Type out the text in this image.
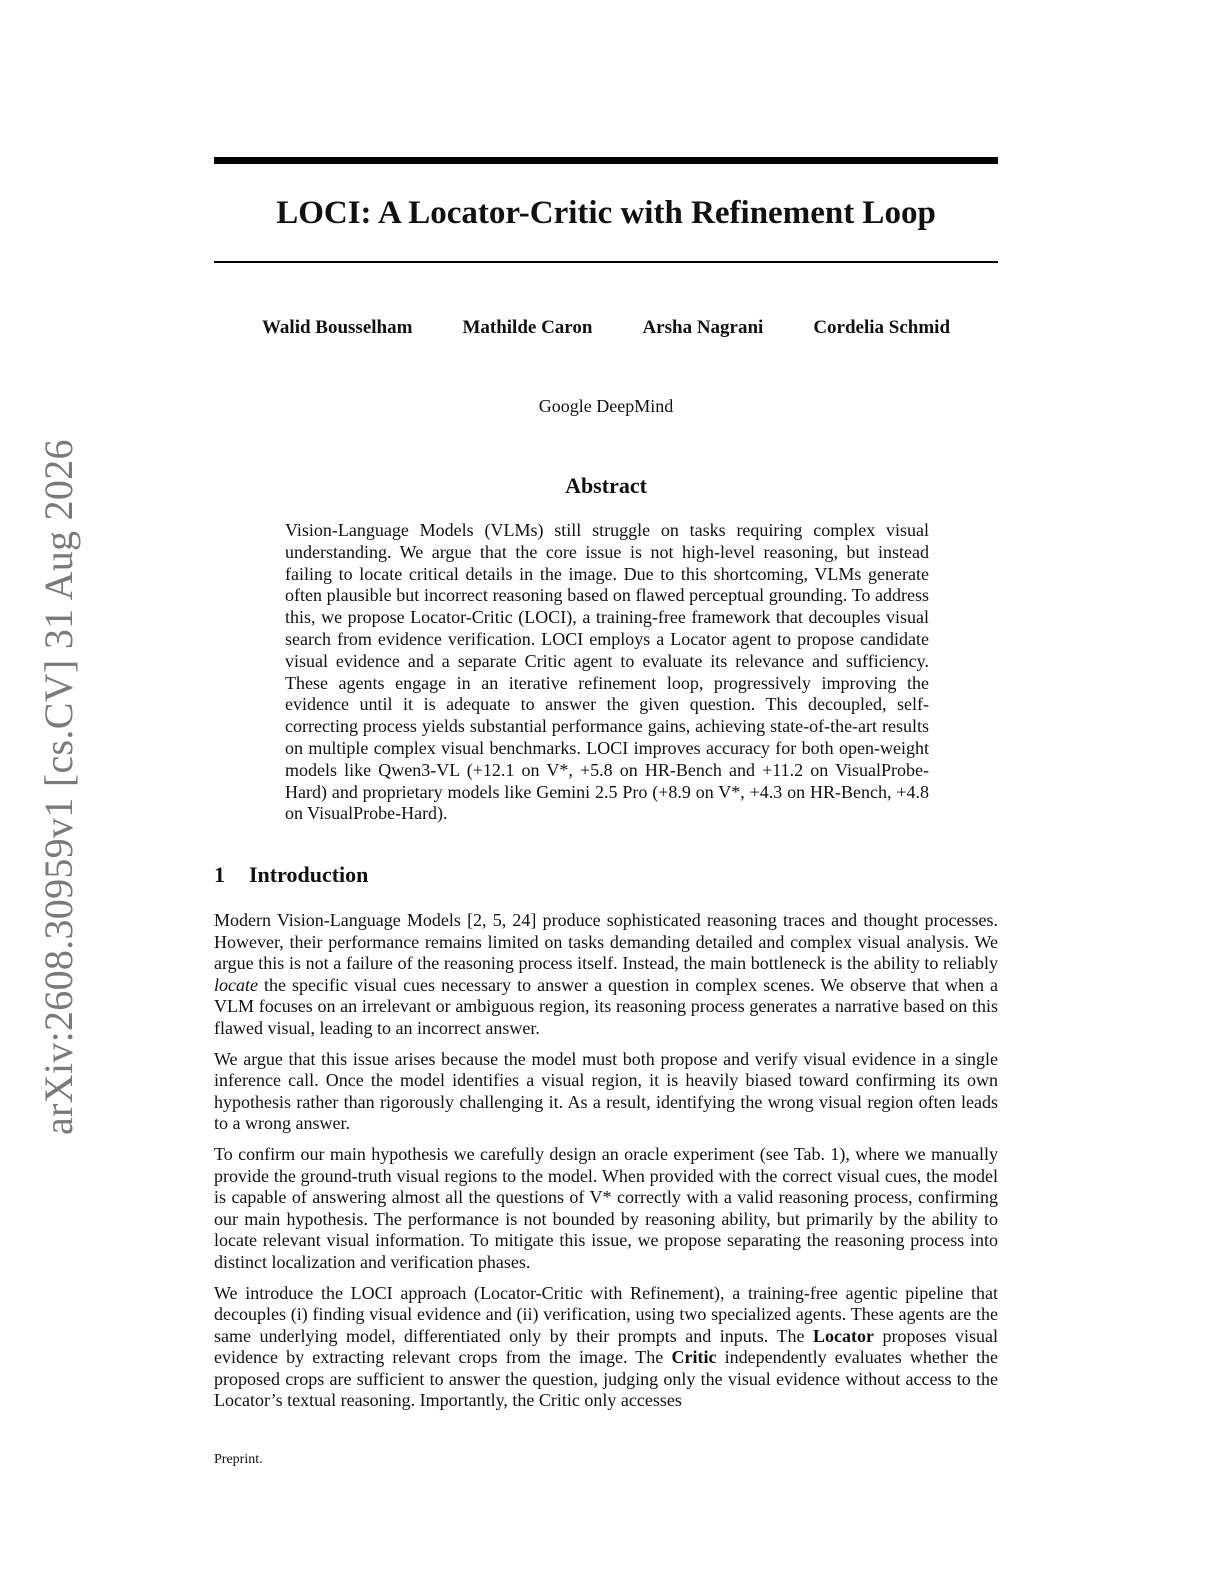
arXiv:2608.30959v1 [cs.CV] 31 Aug 2026
LOCI: A Locator-Critic with Refinement Loop
Walid Bousselham	Mathilde Caron	Arsha Nagrani	Cordelia Schmid
Google DeepMind
Abstract

Vision-Language Models (VLMs) still struggle on tasks requiring complex visual understanding. We argue that the core issue is not high-level reasoning, but instead failing to locate critical details in the image. Due to this shortcoming, VLMs generate often plausible but incorrect reasoning based on flawed perceptual grounding. To address this, we propose Locator-Critic (LOCI), a training-free framework that decouples visual search from evidence verification. LOCI employs a Locator agent to propose candidate visual evidence and a separate Critic agent to evaluate its relevance and sufficiency. These agents engage in an iterative refinement loop, progressively improving the evidence until it is adequate to answer the given question. This decoupled, self-correcting process yields substantial performance gains, achieving state-of-the-art results on multiple complex visual benchmarks. LOCI improves accuracy for both open-weight models like Qwen3-VL (+12.1 on V*, +5.8 on HR-Bench and +11.2 on VisualProbe-Hard) and proprietary models like Gemini 2.5 Pro (+8.9 on V*, +4.3 on HR-Bench, +4.8 on VisualProbe-Hard).

1 Introduction

Modern Vision-Language Models [2, 5, 24] produce sophisticated reasoning traces and thought processes. However, their performance remains limited on tasks demanding detailed and complex visual analysis. We argue this is not a failure of the reasoning process itself. Instead, the main bottleneck is the ability to reliably locate the specific visual cues necessary to answer a question in complex scenes. We observe that when a VLM focuses on an irrelevant or ambiguous region, its reasoning process generates a narrative based on this flawed visual, leading to an incorrect answer.

We argue that this issue arises because the model must both propose and verify visual evidence in a single inference call. Once the model identifies a visual region, it is heavily biased toward confirming its own hypothesis rather than rigorously challenging it. As a result, identifying the wrong visual region often leads to a wrong answer.

To confirm our main hypothesis we carefully design an oracle experiment (see Tab. 1), where we manually provide the ground-truth visual regions to the model. When provided with the correct visual cues, the model is capable of answering almost all the questions of V* correctly with a valid reasoning process, confirming our main hypothesis. The performance is not bounded by reasoning ability, but primarily by the ability to locate relevant visual information. To mitigate this issue, we propose separating the reasoning process into distinct localization and verification phases.

We introduce the LOCI approach (Locator-Critic with Refinement), a training-free agentic pipeline that decouples (i) finding visual evidence and (ii) verification, using two specialized agents. These agents are the same underlying model, differentiated only by their prompts and inputs. The Locator proposes visual evidence by extracting relevant crops from the image. The Critic independently evaluates whether the proposed crops are sufficient to answer the question, judging only the visual evidence without access to the Locator’s textual reasoning. Importantly, the Critic only accesses

Preprint.
